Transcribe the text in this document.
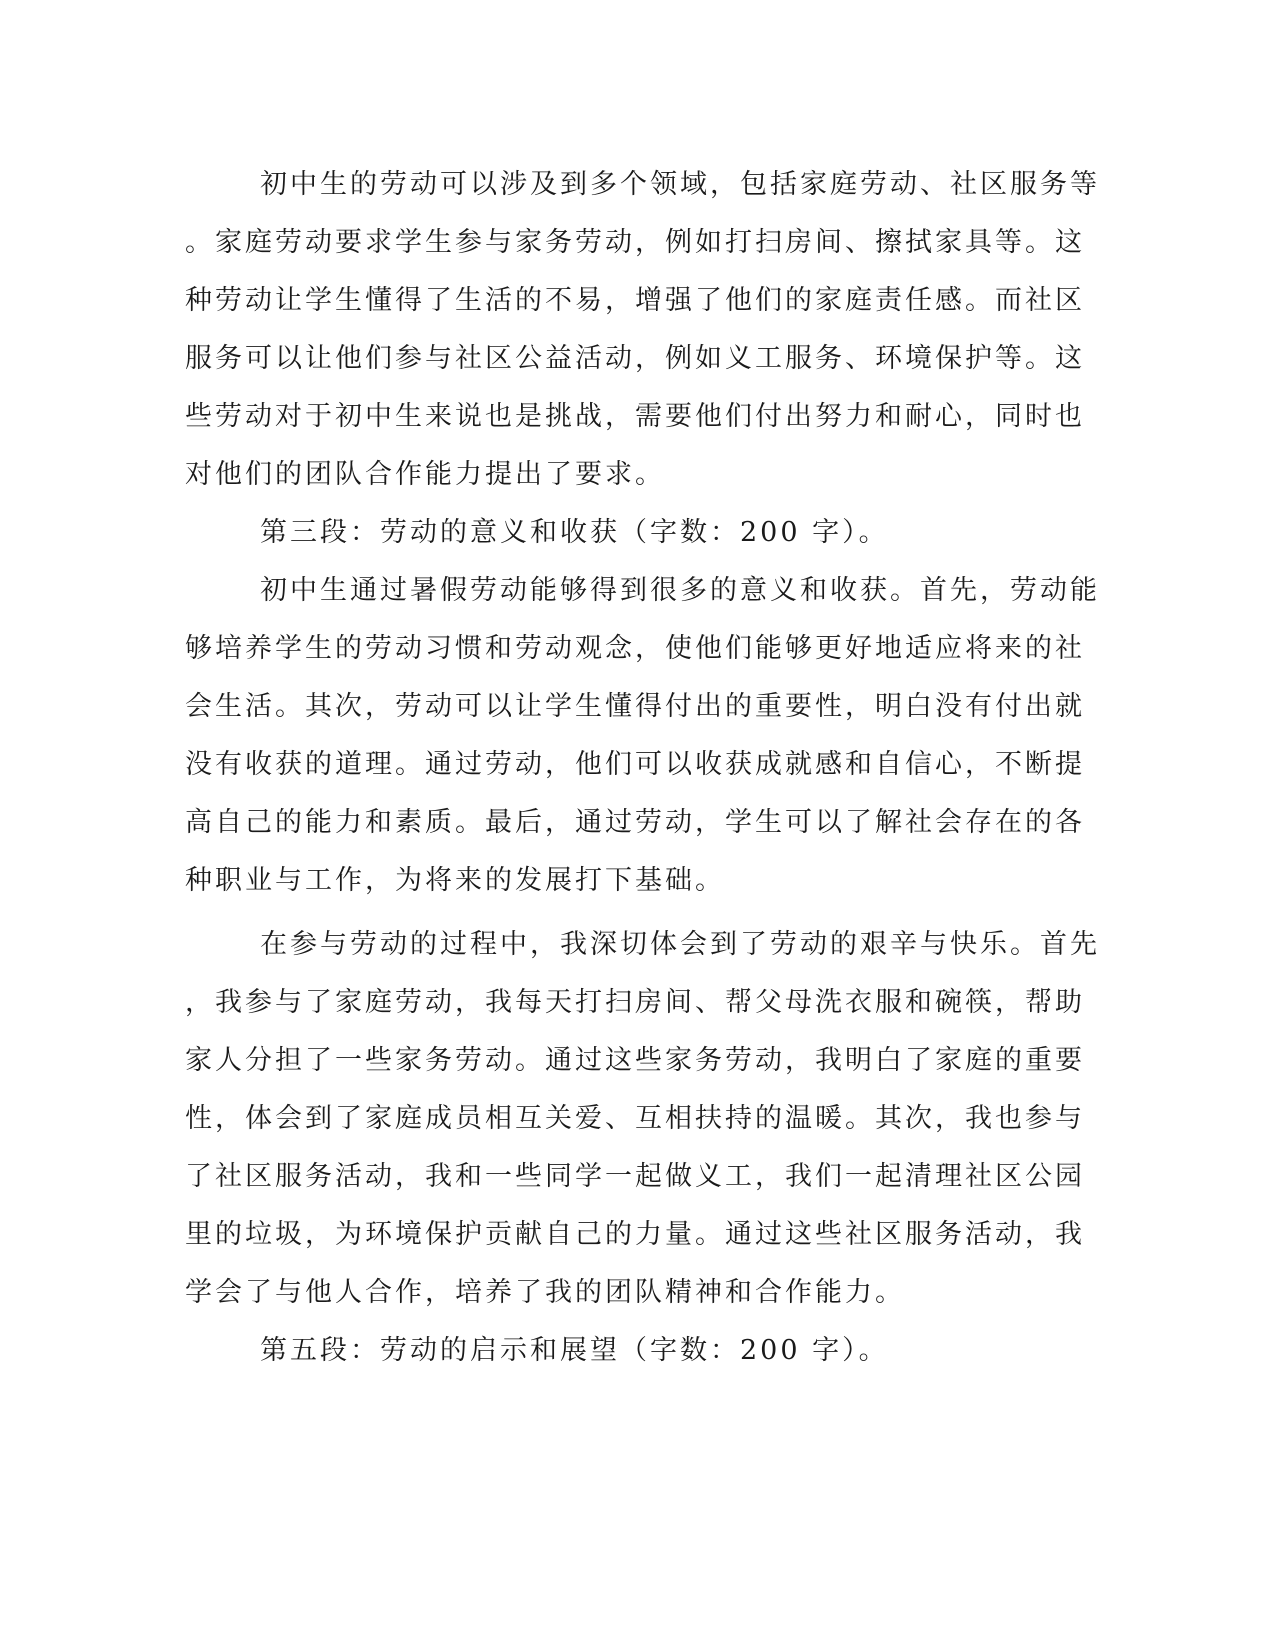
初中生的劳动可以涉及到多个领域，包括家庭劳动、社区服务等
。家庭劳动要求学生参与家务劳动，例如打扫房间、擦拭家具等。这
种劳动让学生懂得了生活的不易，增强了他们的家庭责任感。而社区
服务可以让他们参与社区公益活动，例如义工服务、环境保护等。这
些劳动对于初中生来说也是挑战，需要他们付出努力和耐心，同时也
对他们的团队合作能力提出了要求。
第三段：劳动的意义和收获（字数：200 字）。
初中生通过暑假劳动能够得到很多的意义和收获。首先，劳动能
够培养学生的劳动习惯和劳动观念，使他们能够更好地适应将来的社
会生活。其次，劳动可以让学生懂得付出的重要性，明白没有付出就
没有收获的道理。通过劳动，他们可以收获成就感和自信心，不断提
高自己的能力和素质。最后，通过劳动，学生可以了解社会存在的各
种职业与工作，为将来的发展打下基础。
在参与劳动的过程中，我深切体会到了劳动的艰辛与快乐。首先
，我参与了家庭劳动，我每天打扫房间、帮父母洗衣服和碗筷，帮助
家人分担了一些家务劳动。通过这些家务劳动，我明白了家庭的重要
性，体会到了家庭成员相互关爱、互相扶持的温暖。其次，我也参与
了社区服务活动，我和一些同学一起做义工，我们一起清理社区公园
里的垃圾，为环境保护贡献自己的力量。通过这些社区服务活动，我
学会了与他人合作，培养了我的团队精神和合作能力。
第五段：劳动的启示和展望（字数：200 字）。
